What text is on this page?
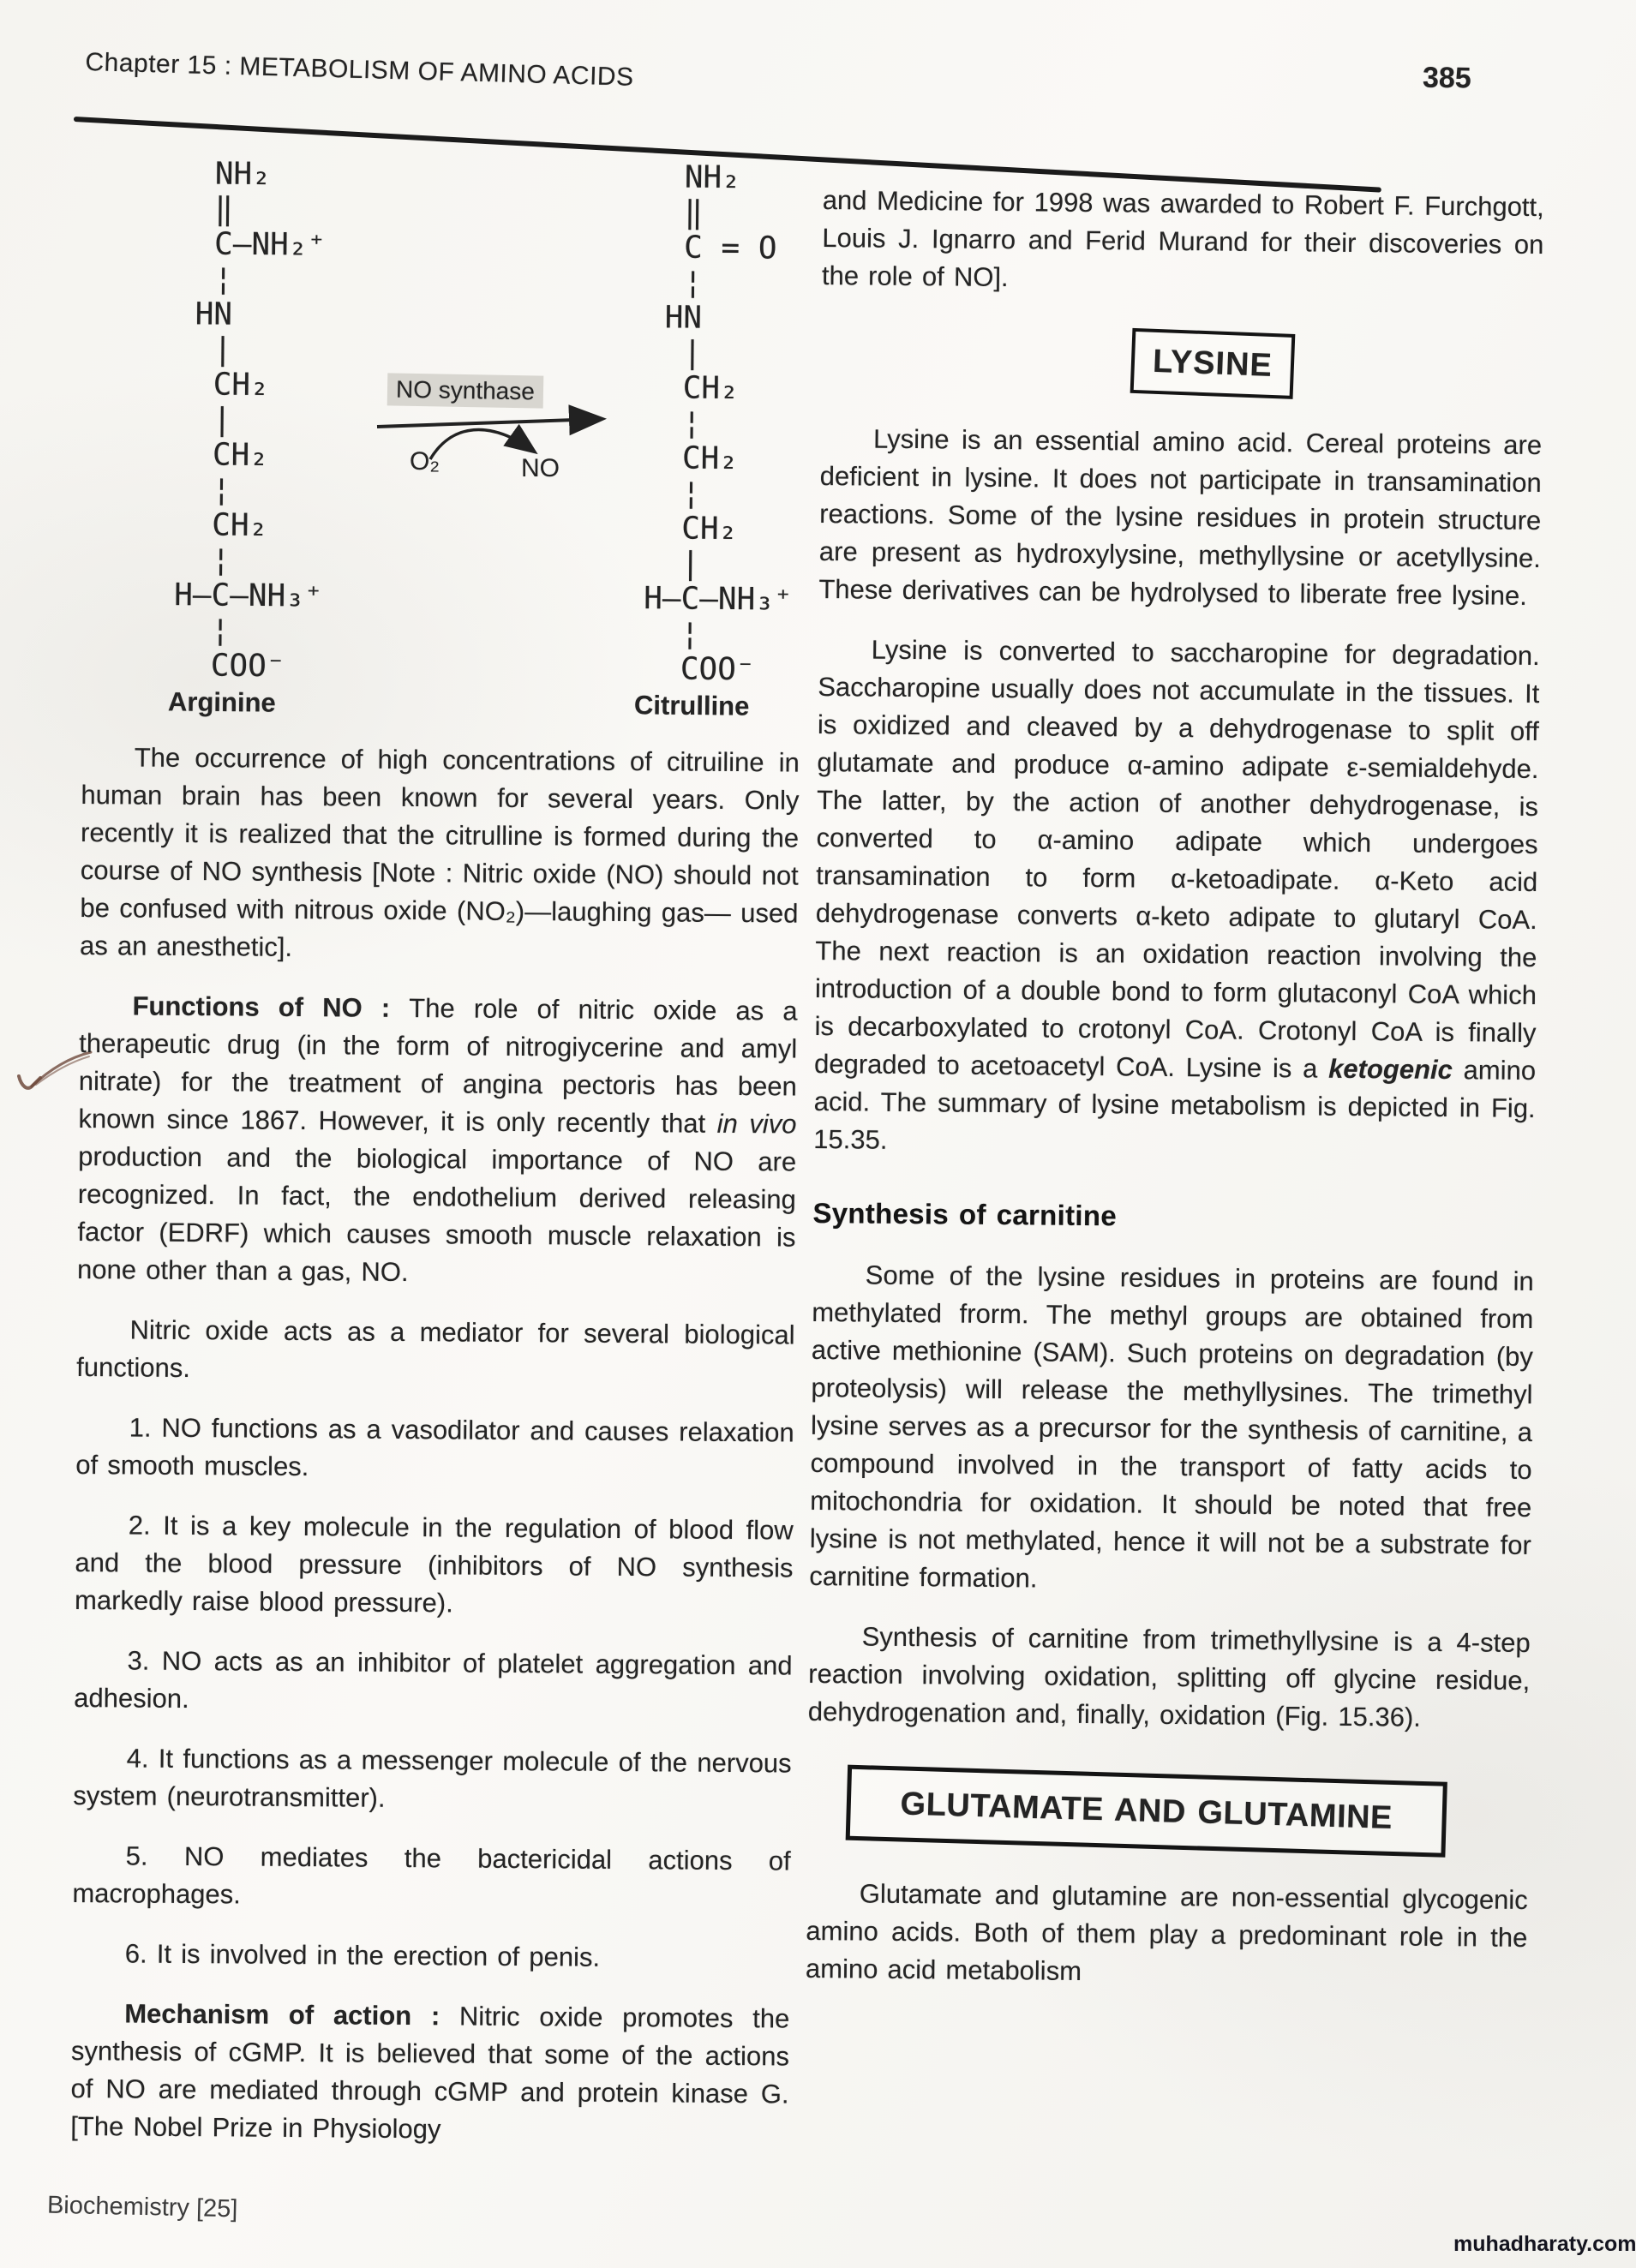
Chapter 15 : METABOLISM OF AMINO ACIDS	385
NH₂
‖
C—NH₂⁺
¦
HN
|
CH₂
|
CH₂
¦
CH₂
¦
H—C—NH₃⁺
¦
COO⁻
Arginine
NH₂
‖
C = O
¦
HN
|
CH₂
¦
CH₂
¦
CH₂
|
H—C—NH₃⁺
¦
COO⁻
Citrulline
NO synthase
O₂	NO

The occurrence of high concentrations of citruiline in human brain has been known for several years. Only recently it is realized that the citrulline is formed during the course of NO synthesis [Note : Nitric oxide (NO) should not be confused with nitrous oxide (NO₂)—laughing gas— used as an anesthetic].

Functions of NO : The role of nitric oxide as a therapeutic drug (in the form of nitrogiycerine and amyl nitrate) for the treatment of angina pectoris has been known since 1867. However, it is only recently that in vivo production and the biological importance of NO are recognized. In fact, the endothelium derived releasing factor (EDRF) which causes smooth muscle relaxation is none other than a gas, NO.

Nitric oxide acts as a mediator for several biological functions.

1. NO functions as a vasodilator and causes relaxation of smooth muscles.

2. It is a key molecule in the regulation of blood flow and the blood pressure (inhibitors of NO synthesis markedly raise blood pressure).

3. NO acts as an inhibitor of platelet aggregation and adhesion.

4. It functions as a messenger molecule of the nervous system (neurotransmitter).

5. NO mediates the bactericidal actions of macrophages.

6. It is involved in the erection of penis.

Mechanism of action : Nitric oxide promotes the synthesis of cGMP. It is believed that some of the actions of NO are mediated through cGMP and protein kinase G. [The Nobel Prize in Physiology

and Medicine for 1998 was awarded to Robert F. Furchgott, Louis J. Ignarro and Ferid Murand for their discoveries on the role of NO].

LYSINE

Lysine is an essential amino acid. Cereal proteins are deficient in lysine. It does not participate in transamination reactions. Some of the lysine residues in protein structure are present as hydroxylysine, methyllysine or acetyllysine. These derivatives can be hydrolysed to liberate free lysine.

Lysine is converted to saccharopine for degradation. Saccharopine usually does not accumulate in the tissues. It is oxidized and cleaved by a dehydrogenase to split off glutamate and produce α-amino adipate ε-semialdehyde. The latter, by the action of another dehydrogenase, is converted to α-amino adipate which undergoes transamination to form α-ketoadipate. α-Keto acid dehydrogenase converts α-keto adipate to glutaryl CoA. The next reaction is an oxidation reaction involving the introduction of a double bond to form glutaconyl CoA which is decarboxylated to crotonyl CoA. Crotonyl CoA is finally degraded to acetoacetyl CoA. Lysine is a ketogenic amino acid. The summary of lysine metabolism is depicted in Fig. 15.35.

Synthesis of carnitine

Some of the lysine residues in proteins are found in methylated frorm. The methyl groups are obtained from active methionine (SAM). Such proteins on degradation (by proteolysis) will release the methyllysines. The trimethyl lysine serves as a precursor for the synthesis of carnitine, a compound involved in the transport of fatty acids to mitochondria for oxidation. It should be noted that free lysine is not methylated, hence it will not be a substrate for carnitine formation.

Synthesis of carnitine from trimethyllysine is a 4-step reaction involving oxidation, splitting off glycine residue, dehydrogenation and, finally, oxidation (Fig. 15.36).

GLUTAMATE AND GLUTAMINE

Glutamate and glutamine are non-essential glycogenic amino acids. Both of them play a predominant role in the amino acid metabolism

Biochemistry [25]
muhadharaty.com
